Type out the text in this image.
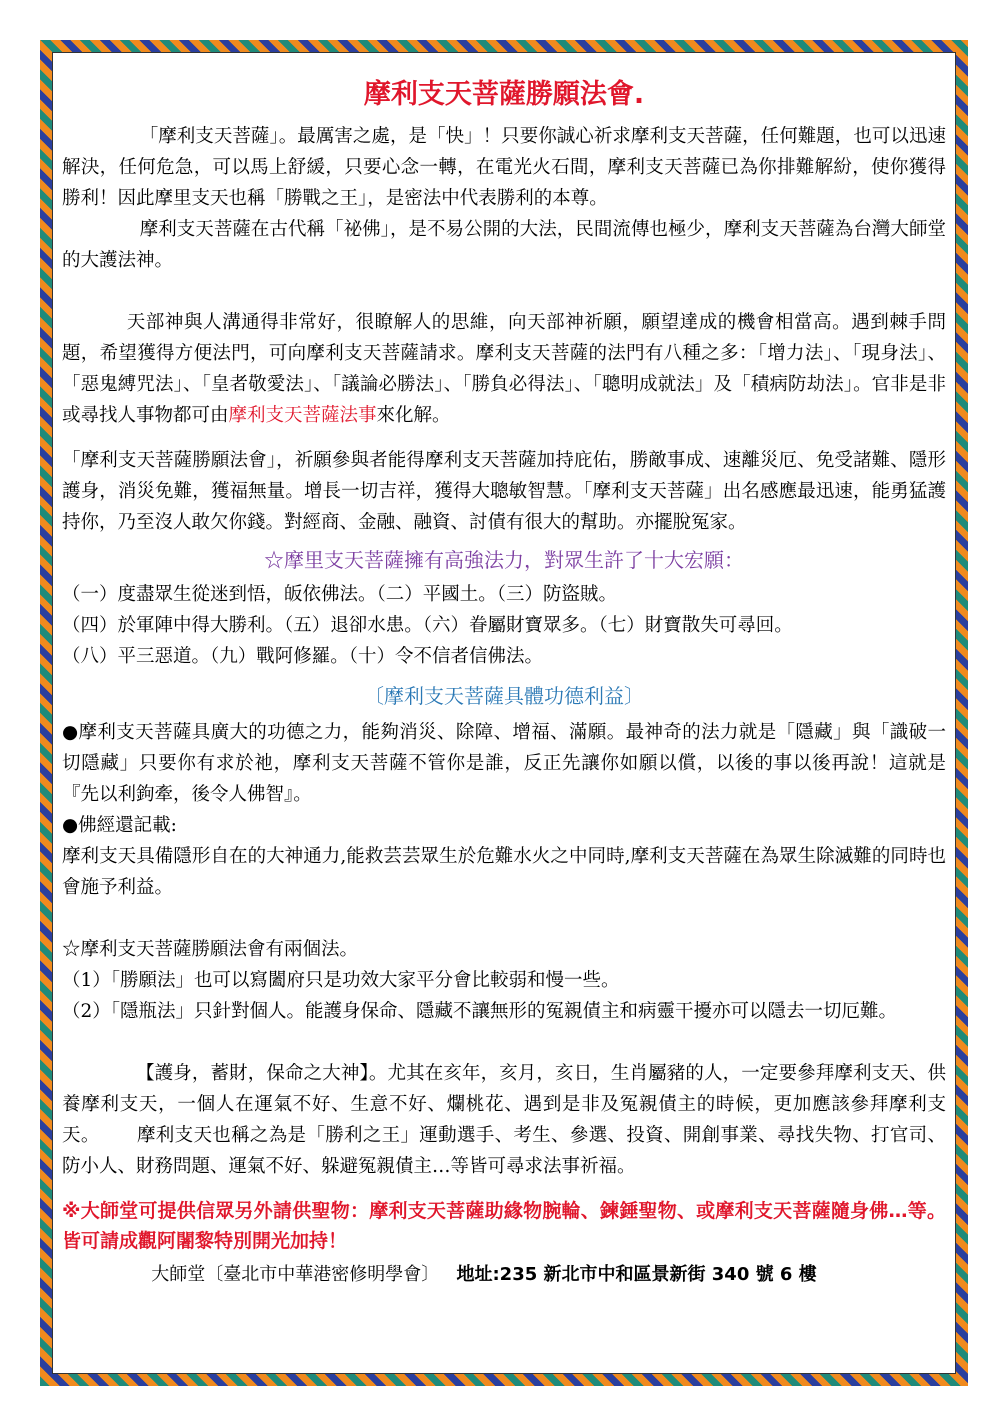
摩利支天菩薩勝願法會.

「摩利支天菩薩」。最厲害之處，是「快」！只要你誠心祈求摩利支天菩薩，任何難題，也可以迅速解決，任何危急，可以馬上舒緩，只要心念一轉，在電光火石間，摩利支天菩薩已為你排難解紛，使你獲得勝利！因此摩里支天也稱「勝戰之王」，是密法中代表勝利的本尊。

摩利支天菩薩在古代稱「祕佛」，是不易公開的大法，民間流傳也極少，摩利支天菩薩為台灣大師堂的大護法神。

天部神與人溝通得非常好，很瞭解人的思維，向天部神祈願，願望達成的機會相當高。遇到棘手問題，希望獲得方便法門，可向摩利支天菩薩請求。摩利支天菩薩的法門有八種之多：「增力法」、「現身法」、「惡鬼縛咒法」、「皇者敬愛法」、「議論必勝法」、「勝負必得法」、「聰明成就法」及「積病防劫法」。官非是非或尋找人事物都可由摩利支天菩薩法事來化解。

「摩利支天菩薩勝願法會」，祈願參與者能得摩利支天菩薩加持庇佑，勝敵事成、速離災厄、免受諸難、隱形護身，消災免難，獲福無量。增長一切吉祥，獲得大聰敏智慧。「摩利支天菩薩」出名感應最迅速，能勇猛護持你，乃至沒人敢欠你錢。對經商、金融、融資、討債有很大的幫助。亦擺脫冤家。

☆摩里支天菩薩擁有高強法力，對眾生許了十大宏願：

（一）度盡眾生從迷到悟，皈依佛法。（二）平國土。（三）防盜賊。

（四）於軍陣中得大勝利。（五）退卻水患。（六）眷屬財寶眾多。（七）財寶散失可尋回。

（八）平三惡道。（九）戰阿修羅。（十）令不信者信佛法。

〔摩利支天菩薩具體功德利益〕

●摩利支天菩薩具廣大的功德之力，能夠消災、除障、增福、滿願。最神奇的法力就是「隱藏」與「識破一切隱藏」只要你有求於祂，摩利支天菩薩不管你是誰，反正先讓你如願以償，以後的事以後再說！這就是『先以利鉤牽，後令人佛智』。

●佛經還記載:

摩利支天具備隱形自在的大神通力,能救芸芸眾生於危難水火之中同時,摩利支天菩薩在為眾生除滅難的同時也會施予利益。

☆摩利支天菩薩勝願法會有兩個法。

（1）「勝願法」也可以寫闔府只是功效大家平分會比較弱和慢一些。

（2）「隱瓶法」只針對個人。能護身保命、隱藏不讓無形的冤親債主和病靈干擾亦可以隱去一切厄難。

【護身，蓄財，保命之大神】。尤其在亥年，亥月，亥日，生肖屬豬的人，一定要參拜摩利支天、供養摩利支天，一個人在運氣不好、生意不好、爛桃花、遇到是非及冤親債主的時候，更加應該參拜摩利支天。   摩利支天也稱之為是「勝利之王」運動選手、考生、參選、投資、開創事業、尋找失物、打官司、防小人、財務問題、運氣不好、躲避冤親債主…等皆可尋求法事祈福。

※大師堂可提供信眾另外請供聖物：摩利支天菩薩助緣物腕輪、鍊錘聖物、或摩利支天菩薩隨身佛…等。皆可請成觀阿闍黎特別開光加持！

大師堂〔臺北市中華港密修明學會〕 地址:235 新北市中和區景新街 340 號 6 樓
